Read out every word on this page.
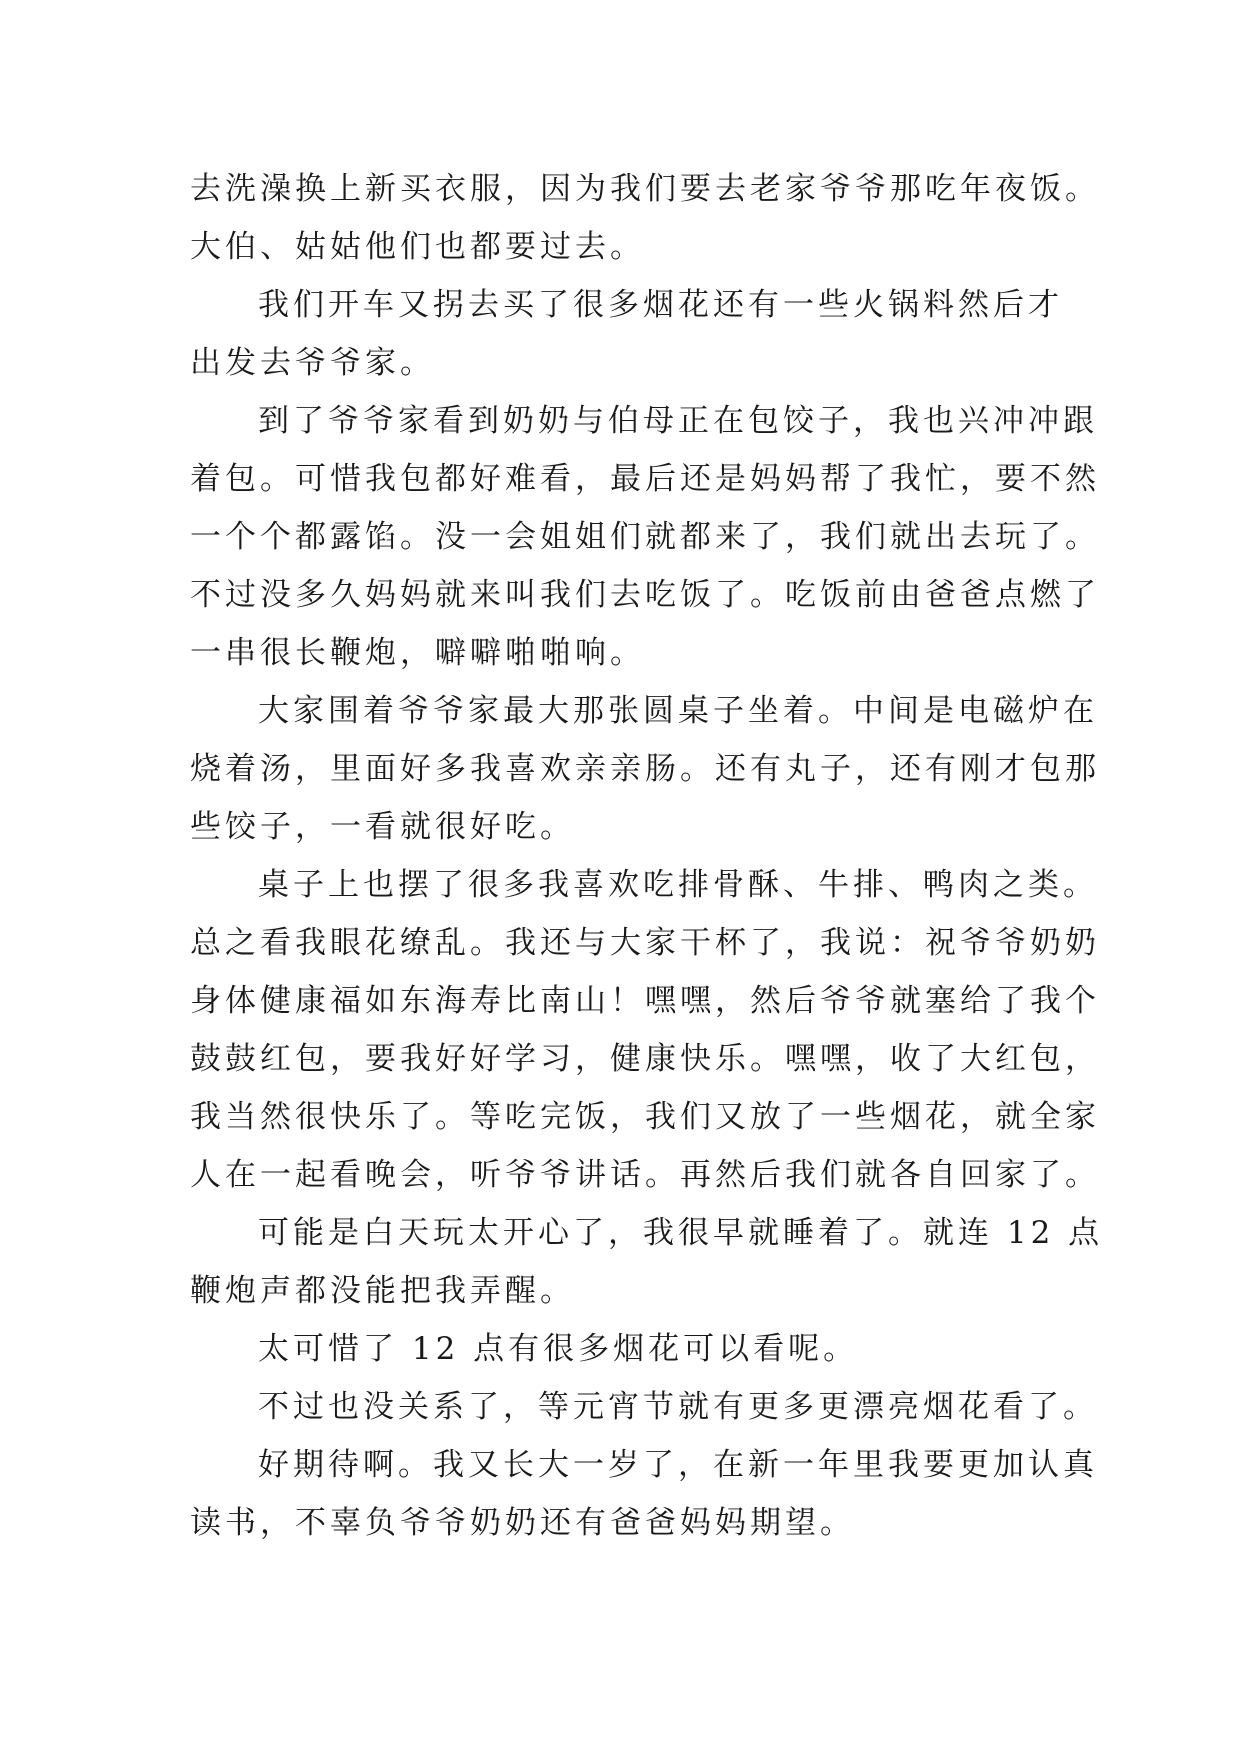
去洗澡换上新买衣服，因为我们要去老家爷爷那吃年夜饭。
大伯、姑姑他们也都要过去。
我们开车又拐去买了很多烟花还有一些火锅料然后才
出发去爷爷家。
到了爷爷家看到奶奶与伯母正在包饺子，我也兴冲冲跟
着包。可惜我包都好难看，最后还是妈妈帮了我忙，要不然
一个个都露馅。没一会姐姐们就都来了，我们就出去玩了。
不过没多久妈妈就来叫我们去吃饭了。吃饭前由爸爸点燃了
一串很长鞭炮，噼噼啪啪响。
大家围着爷爷家最大那张圆桌子坐着。中间是电磁炉在
烧着汤，里面好多我喜欢亲亲肠。还有丸子，还有刚才包那
些饺子，一看就很好吃。
桌子上也摆了很多我喜欢吃排骨酥、牛排、鸭肉之类。
总之看我眼花缭乱。我还与大家干杯了，我说：祝爷爷奶奶
身体健康福如东海寿比南山！嘿嘿，然后爷爷就塞给了我个
鼓鼓红包，要我好好学习，健康快乐。嘿嘿，收了大红包，
我当然很快乐了。等吃完饭，我们又放了一些烟花，就全家
人在一起看晚会，听爷爷讲话。再然后我们就各自回家了。
可能是白天玩太开心了，我很早就睡着了。就连 12 点
鞭炮声都没能把我弄醒。
太可惜了 12 点有很多烟花可以看呢。
不过也没关系了，等元宵节就有更多更漂亮烟花看了。
好期待啊。我又长大一岁了，在新一年里我要更加认真
读书，不辜负爷爷奶奶还有爸爸妈妈期望。
